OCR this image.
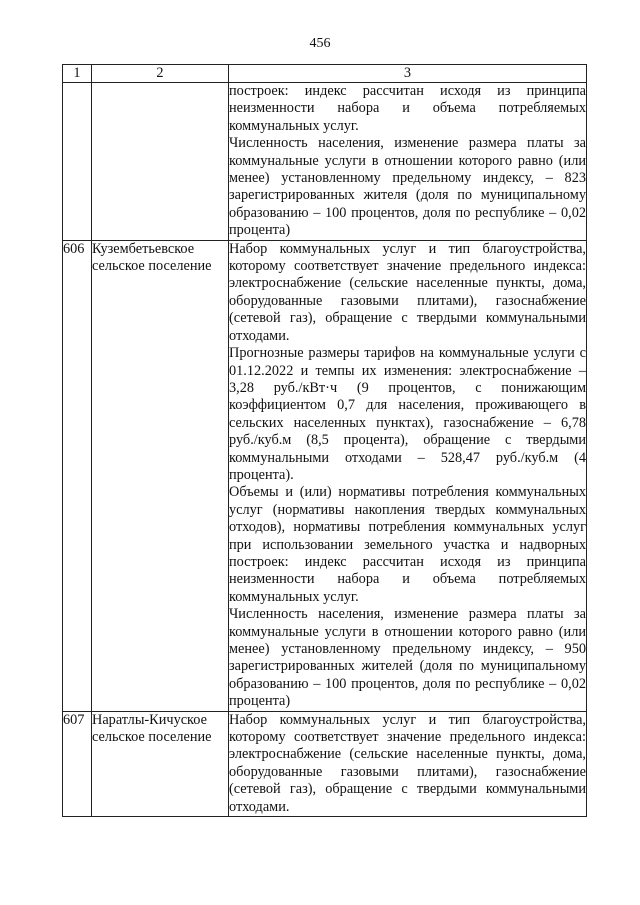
456
1	2	3

		построек: индекс рассчитан исходя из принципа неизменности набора и объема потребляемых коммунальных услуг.
Численность населения, изменение размера платы за коммунальные услуги в отношении которого равно (или менее) установленному предельному индексу, – 823 зарегистрированных жителя (доля по муниципальному образованию – 100 процентов, доля по республике – 0,02 процента)

606	Кузембетьевское сельское поселение	Набор коммунальных услуг и тип благоустройства, которому соответствует значение предельного индекса: электроснабжение (сельские населенные пункты, дома, оборудованные газовыми плитами), газоснабжение (сетевой газ), обращение с твердыми коммунальными отходами.
Прогнозные размеры тарифов на коммунальные услуги с 01.12.2022 и темпы их изменения: электроснабжение – 3,28 руб./кВт·ч (9 процентов, с понижающим коэффициентом 0,7 для населения, проживающего в сельских населенных пунктах), газоснабжение – 6,78 руб./куб.м (8,5 процента), обращение с твердыми коммунальными отходами – 528,47 руб./куб.м (4 процента).
Объемы и (или) нормативы потребления коммунальных услуг (нормативы накопления твердых коммунальных отходов), нормативы потребления коммунальных услуг при использовании земельного участка и надворных построек: индекс рассчитан исходя из принципа неизменности набора и объема потребляемых коммунальных услуг.
Численность населения, изменение размера платы за коммунальные услуги в отношении которого равно (или менее) установленному предельному индексу, – 950 зарегистрированных жителей (доля по муниципальному образованию – 100 процентов, доля по республике – 0,02 процента)

607	Наратлы-Кичуское сельское поселение	Набор коммунальных услуг и тип благоустройства, которому соответствует значение предельного индекса: электроснабжение (сельские населенные пункты, дома, оборудованные газовыми плитами), газоснабжение (сетевой газ), обращение с твердыми коммунальными отходами.
